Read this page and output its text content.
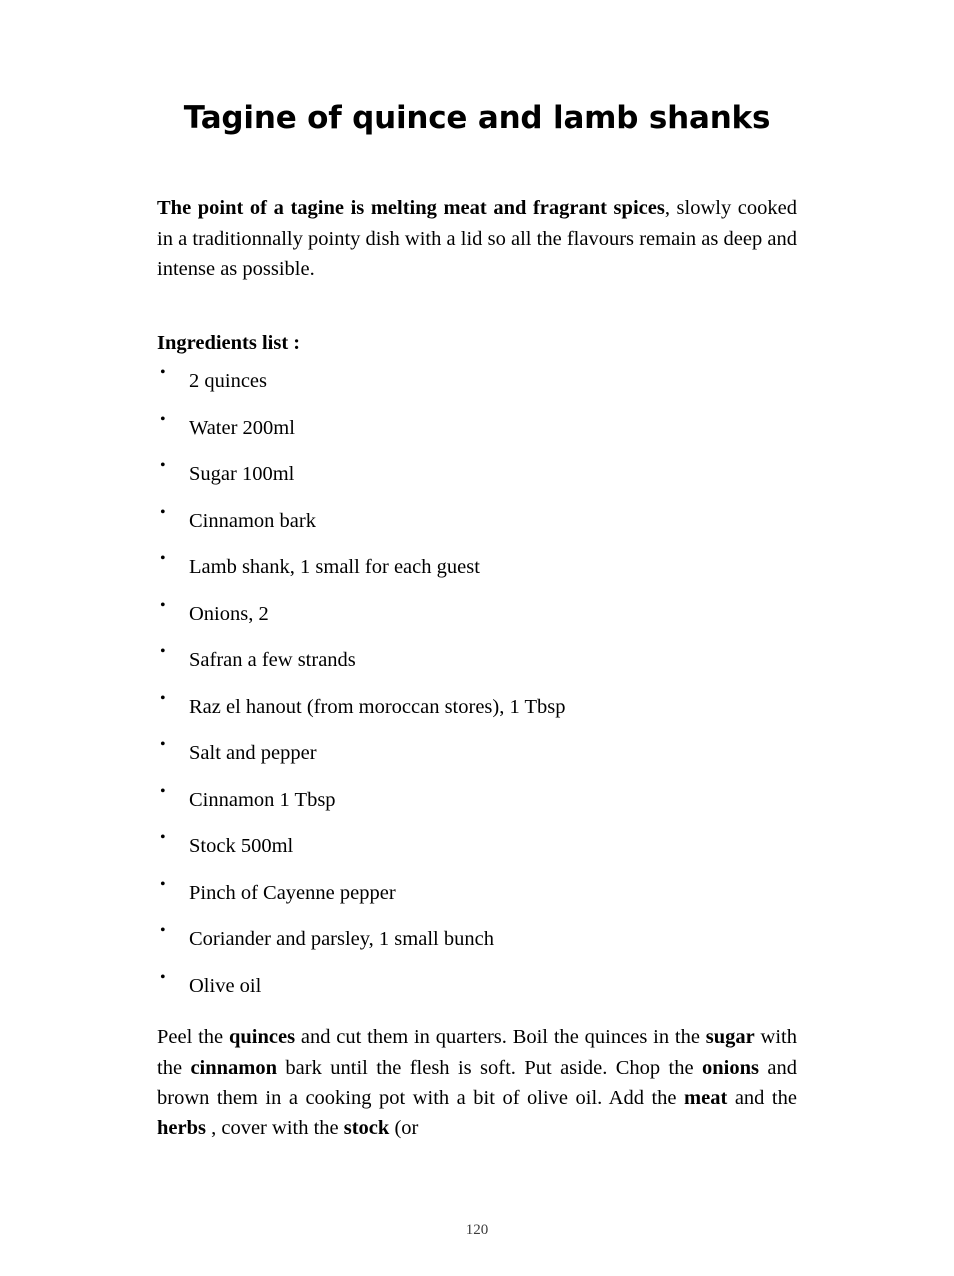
Tagine of quince and lamb shanks

The point of a tagine is melting meat and fragrant spices, slowly cooked in a traditionnally pointy dish with a lid so all the flavours remain as deep and intense as possible.

Ingredients list :

• 2 quinces
• Water 200ml
• Sugar 100ml
• Cinnamon bark
• Lamb shank, 1 small for each guest
• Onions, 2
• Safran a few strands
• Raz el hanout (from moroccan stores), 1 Tbsp
• Salt and pepper
• Cinnamon 1 Tbsp
• Stock 500ml
• Pinch of Cayenne pepper
• Coriander and parsley, 1 small bunch
• Olive oil

Peel the quinces and cut them in quarters. Boil the quinces in the sugar with the cinnamon bark until the flesh is soft. Put aside. Chop the onions and brown them in a cooking pot with a bit of olive oil. Add the meat and the herbs , cover with the stock (or

120
